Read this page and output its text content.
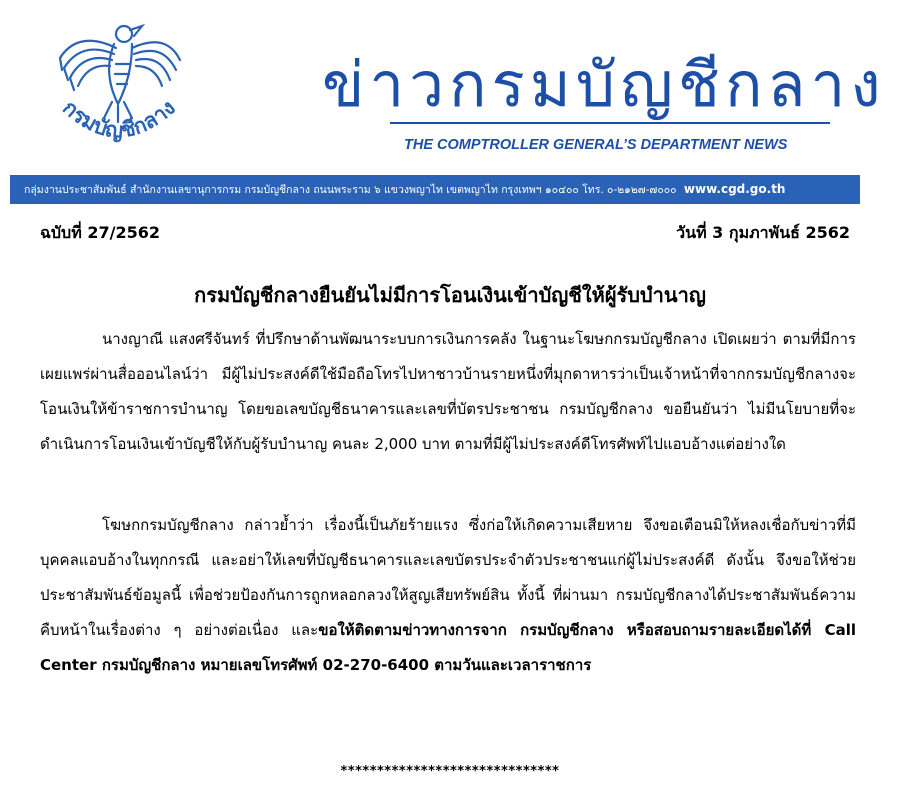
กรมบัญชีกลาง ข่าวกรมบัญชีกลาง
THE COMPTROLLER GENERAL’S DEPARTMENT NEWS
กลุ่มงานประชาสัมพันธ์ สำนักงานเลขานุการกรม กรมบัญชีกลาง ถนนพระราม ๖ แขวงพญาไท เขตพญาไท กรุงเทพฯ ๑๐๔๐๐ โทร. ๐-๒๑๒๗-๗๐๐๐ www.cgd.go.th
ฉบับที่ 27/2562	วันที่ 3 กุมภาพันธ์ 2562
กรมบัญชีกลางยืนยันไม่มีการโอนเงินเข้าบัญชีให้ผู้รับบำนาญ
นางญาณี แสงศรีจันทร์ ที่ปรึกษาด้านพัฒนาระบบการเงินการคลัง ในฐานะโฆษกกรมบัญชีกลาง เปิดเผยว่า ตามที่มีการเผยแพร่ผ่านสื่อออนไลน์ว่า มีผู้ไม่ประสงค์ดีใช้มือถือโทรไปหาชาวบ้านรายหนึ่งที่มุกดาหารว่าเป็นเจ้าหน้าที่จากกรมบัญชีกลางจะโอนเงินให้ข้าราชการบำนาญ โดยขอเลขบัญชีธนาคารและเลขที่บัตรประชาชน กรมบัญชีกลาง ขอยืนยันว่า ไม่มีนโยบายที่จะดำเนินการโอนเงินเข้าบัญชีให้กับผู้รับบำนาญ คนละ 2,000 บาท ตามที่มีผู้ไม่ประสงค์ดีโทรศัพท์ไปแอบอ้างแต่อย่างใด
โฆษกกรมบัญชีกลาง กล่าวย้ำว่า เรื่องนี้เป็นภัยร้ายแรง ซึ่งก่อให้เกิดความเสียหาย จึงขอเตือนมิให้หลงเชื่อกับข่าวที่มีบุคคลแอบอ้างในทุกกรณี และอย่าให้เลขที่บัญชีธนาคารและเลขบัตรประจำตัวประชาชนแก่ผู้ไม่ประสงค์ดี ดังนั้น จึงขอให้ช่วยประชาสัมพันธ์ข้อมูลนี้ เพื่อช่วยป้องกันการถูกหลอกลวงให้สูญเสียทรัพย์สิน ทั้งนี้ ที่ผ่านมา กรมบัญชีกลางได้ประชาสัมพันธ์ความคืบหน้าในเรื่องต่าง ๆ อย่างต่อเนื่อง และขอให้ติดตามข่าวทางการจาก กรมบัญชีกลาง หรือสอบถามรายละเอียดได้ที่ Call Center กรมบัญชีกลาง หมายเลขโทรศัพท์ 02-270-6400 ตามวันและเวลาราชการ
******************************
